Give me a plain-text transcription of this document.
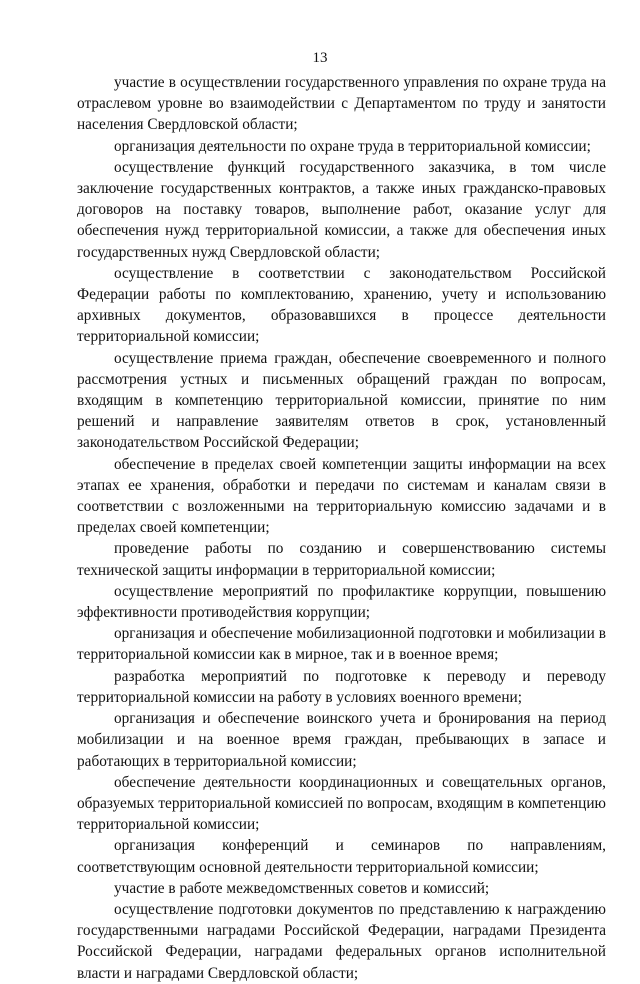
13

участие в осуществлении государственного управления по охране труда на отраслевом уровне во взаимодействии с Департаментом по труду и занятости населения Свердловской области;

организация деятельности по охране труда в территориальной комиссии;

осуществление функций государственного заказчика, в том числе заключение государственных контрактов, а также иных гражданско-правовых договоров на поставку товаров, выполнение работ, оказание услуг для обеспечения нужд территориальной комиссии, а также для обеспечения иных государственных нужд Свердловской области;

осуществление в соответствии с законодательством Российской Федерации работы по комплектованию, хранению, учету и использованию архивных документов, образовавшихся в процессе деятельности территориальной комиссии;

осуществление приема граждан, обеспечение своевременного и полного рассмотрения устных и письменных обращений граждан по вопросам, входящим в компетенцию территориальной комиссии, принятие по ним решений и направление заявителям ответов в срок, установленный законодательством Российской Федерации;

обеспечение в пределах своей компетенции защиты информации на всех этапах ее хранения, обработки и передачи по системам и каналам связи в соответствии с возложенными на территориальную комиссию задачами и в пределах своей компетенции;

проведение работы по созданию и совершенствованию системы технической защиты информации в территориальной комиссии;

осуществление мероприятий по профилактике коррупции, повышению эффективности противодействия коррупции;

организация и обеспечение мобилизационной подготовки и мобилизации в территориальной комиссии как в мирное, так и в военное время;

разработка мероприятий по подготовке к переводу и переводу территориальной комиссии на работу в условиях военного времени;

организация и обеспечение воинского учета и бронирования на период мобилизации и на военное время граждан, пребывающих в запасе и работающих в территориальной комиссии;

обеспечение деятельности координационных и совещательных органов, образуемых территориальной комиссией по вопросам, входящим в компетенцию территориальной комиссии;

организация конференций и семинаров по направлениям, соответствующим основной деятельности территориальной комиссии;

участие в работе межведомственных советов и комиссий;

осуществление подготовки документов по представлению к награждению государственными наградами Российской Федерации, наградами Президента Российской Федерации, наградами федеральных органов исполнительной власти и наградами Свердловской области;
